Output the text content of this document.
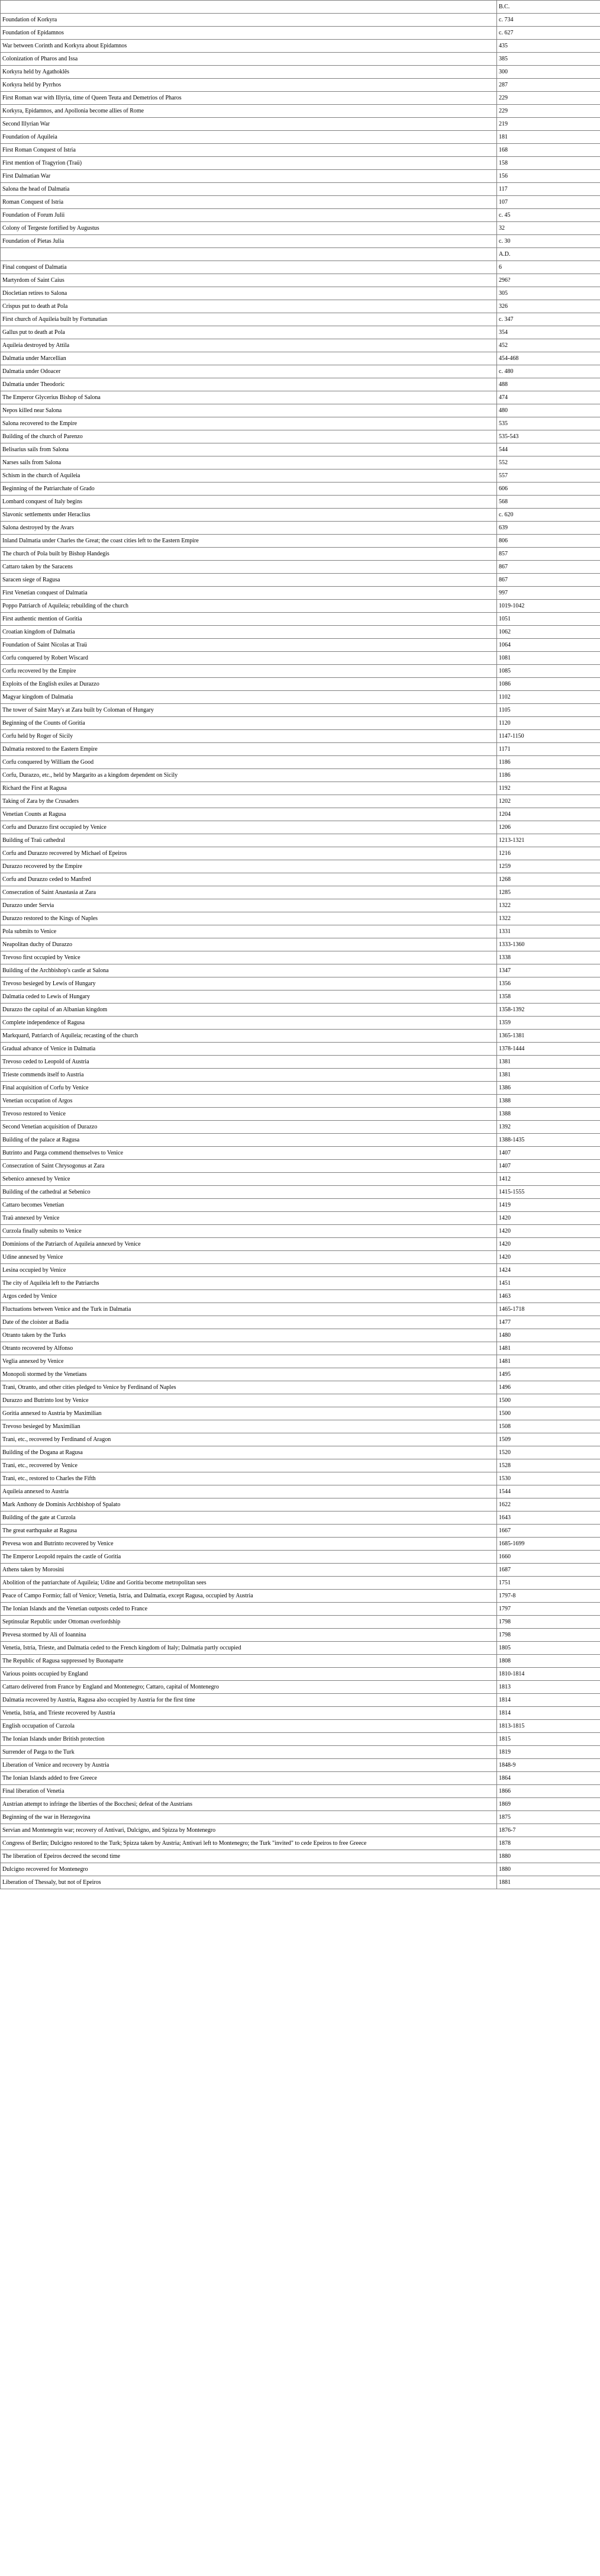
	B.C.
Foundation of Korkyra	c. 734
Foundation of Epidamnos	c. 627
War between Corinth and Korkyra about Epidamnos	435
Colonization of Pharos and Issa	385
Korkyra held by Agathoklês	300
Korkyra held by Pyrrhos	287
First Roman war with Illyria, time of Queen Teuta and Demetrios of Pharos	229
Korkyra, Epidamnos, and Apollonia become allies of Rome	229
Second Illyrian War	219
Foundation of Aquileia	181
First Roman Conquest of Istria	168
First mention of Tragyrion (Traü)	158
First Dalmatian War	156
Salona the head of Dalmatia	117
Roman Conquest of Istria	107
Foundation of Forum Julii	c. 45
Colony of Tergeste fortified by Augustus	32
Foundation of Pietas Julia	c. 30
	A.D.
Final conquest of Dalmatia	6
Martyrdom of Saint Caius	296?
Diocletian retires to Salona	305
Crispus put to death at Pola	326
First church of Aquileia built by Fortunatian	c. 347
Gallus put to death at Pola	354
Aquileia destroyed by Attila	452
Dalmatia under Marcellian	454-468
Dalmatia under Odoacer	c. 480
Dalmatia under Theodoric	488
The Emperor Glycerius Bishop of Salona	474
Nepos killed near Salona	480
Salona recovered to the Empire	535
Building of the church of Parenzo	535-543
Belisarius sails from Salona	544
Narses sails from Salona	552
Schism in the church of Aquileia	557
Beginning of the Patriarchate of Grado	606
Lombard conquest of Italy begins	568
Slavonic settlements under Heraclius	c. 620
Salona destroyed by the Avars	639
Inland Dalmatia under Charles the Great; the coast cities left to the Eastern Empire	806
The church of Pola built by Bishop Handegis	857
Cattaro taken by the Saracens	867
Saracen siege of Ragusa	867
First Venetian conquest of Dalmatia	997
Poppo Patriarch of Aquileia; rebuilding of the church	1019-1042
First authentic mention of Goritia	1051
Croatian kingdom of Dalmatia	1062
Foundation of Saint Nicolas at Traü	1064
Corfu conquered by Robert Wiscard	1081
Corfu recovered by the Empire	1085
Exploits of the English exiles at Durazzo	1086
Magyar kingdom of Dalmatia	1102
The tower of Saint Mary's at Zara built by Coloman of Hungary	1105
Beginning of the Counts of Goritia	1120
Corfu held by Roger of Sicily	1147-1150
Dalmatia restored to the Eastern Empire	1171
Corfu conquered by William the Good	1186
Corfu, Durazzo, etc., held by Margarito as a kingdom dependent on Sicily	1186
Richard the First at Ragusa	1192
Taking of Zara by the Crusaders	1202
Venetian Counts at Ragusa	1204
Corfu and Durazzo first occupied by Venice	1206
Building of Traü cathedral	1213-1321
Corfu and Durazzo recovered by Michael of Epeiros	1216
Durazzo recovered by the Empire	1259
Corfu and Durazzo ceded to Manfred	1268
Consecration of Saint Anastasia at Zara	1285
Durazzo under Servia	1322
Durazzo restored to the Kings of Naples	1322
Pola submits to Venice	1331
Neapolitan duchy of Durazzo	1333-1360
Trevoso first occupied by Venice	1338
Building of the Archbishop's castle at Salona	1347
Trevoso besieged by Lewis of Hungary	1356
Dalmatia ceded to Lewis of Hungary	1358
Durazzo the capital of an Albanian kingdom	1358-1392
Complete independence of Ragusa	1359
Markquard, Patriarch of Aquileia; recasting of the church	1365-1381
Gradual advance of Venice in Dalmatia	1378-1444
Trevoso ceded to Leopold of Austria	1381
Trieste commends itself to Austria	1381
Final acquisition of Corfu by Venice	1386
Venetian occupation of Argos	1388
Trevoso restored to Venice	1388
Second Venetian acquisition of Durazzo	1392
Building of the palace at Ragusa	1388-1435
Butrinto and Parga commend themselves to Venice	1407
Consecration of Saint Chrysogonus at Zara	1407
Sebenico annexed by Venice	1412
Building of the cathedral at Sebenico	1415-1555
Cattaro becomes Venetian	1419
Traü annexed by Venice	1420
Curzola finally submits to Venice	1420
Dominions of the Patriarch of Aquileia annexed by Venice	1420
Udine annexed by Venice	1420
Lesina occupied by Venice	1424
The city of Aquileia left to the Patriarchs	1451
Argos ceded by Venice	1463
Fluctuations between Venice and the Turk in Dalmatia	1465-1718
Date of the cloister at Badia	1477
Otranto taken by the Turks	1480
Otranto recovered by Alfonso	1481
Veglia annexed by Venice	1481
Monopoli stormed by the Venetians	1495
Trani, Otranto, and other cities pledged to Venice by Ferdinand of Naples	1496
Durazzo and Butrinto lost by Venice	1500
Goritia annexed to Austria by Maximilian	1500
Trevoso besieged by Maximilian	1508
Trani, etc., recovered by Ferdinand of Aragon	1509
Building of the Dogana at Ragusa	1520
Trani, etc., recovered by Venice	1528
Trani, etc., restored to Charles the Fifth	1530
Aquileia annexed to Austria	1544
Mark Anthony de Dominis Archbishop of Spalato	1622
Building of the gate at Curzola	1643
The great earthquake at Ragusa	1667
Prevesa won and Butrinto recovered by Venice	1685-1699
The Emperor Leopold repairs the castle of Goritia	1660
Athens taken by Morosini	1687
Abolition of the patriarchate of Aquileia; Udine and Goritia become metropolitan sees	1751
Peace of Campo Formio; fall of Venice; Venetia, Istria, and Dalmatia, except Ragusa, occupied by Austria	1797-8
The Ionian Islands and the Venetian outposts ceded to France	1797
Septinsular Republic under Ottoman overlordship	1798
Prevesa stormed by Ali of Ioannina	1798
Venetia, Istria, Trieste, and Dalmatia ceded to the French kingdom of Italy; Dalmatia partly occupied	1805
The Republic of Ragusa suppressed by Buonaparte	1808
Various points occupied by England	1810-1814
Cattaro delivered from France by England and Montenegro; Cattaro, capital of Montenegro	1813
Dalmatia recovered by Austria, Ragusa also occupied by Austria for the first time	1814
Venetia, Istria, and Trieste recovered by Austria	1814
English occupation of Curzola	1813-1815
The Ionian Islands under British protection	1815
Surrender of Parga to the Turk	1819
Liberation of Venice and recovery by Austria	1848-9
The Ionian Islands added to free Greece	1864
Final liberation of Venetia	1866
Austrian attempt to infringe the liberties of the Bocchesi; defeat of the Austrians	1869
Beginning of the war in Herzegovina	1875
Servian and Montenegrin war; recovery of Antivari, Dulcigno, and Spizza by Montenegro	1876-7
Congress of Berlin; Dulcigno restored to the Turk; Spizza taken by Austria; Antivari left to Montenegro; the Turk "invited" to cede Epeiros to free Greece	1878
The liberation of Epeiros decreed the second time	1880
Dulcigno recovered for Montenegro	1880
Liberation of Thessaly, but not of Epeiros	1881
